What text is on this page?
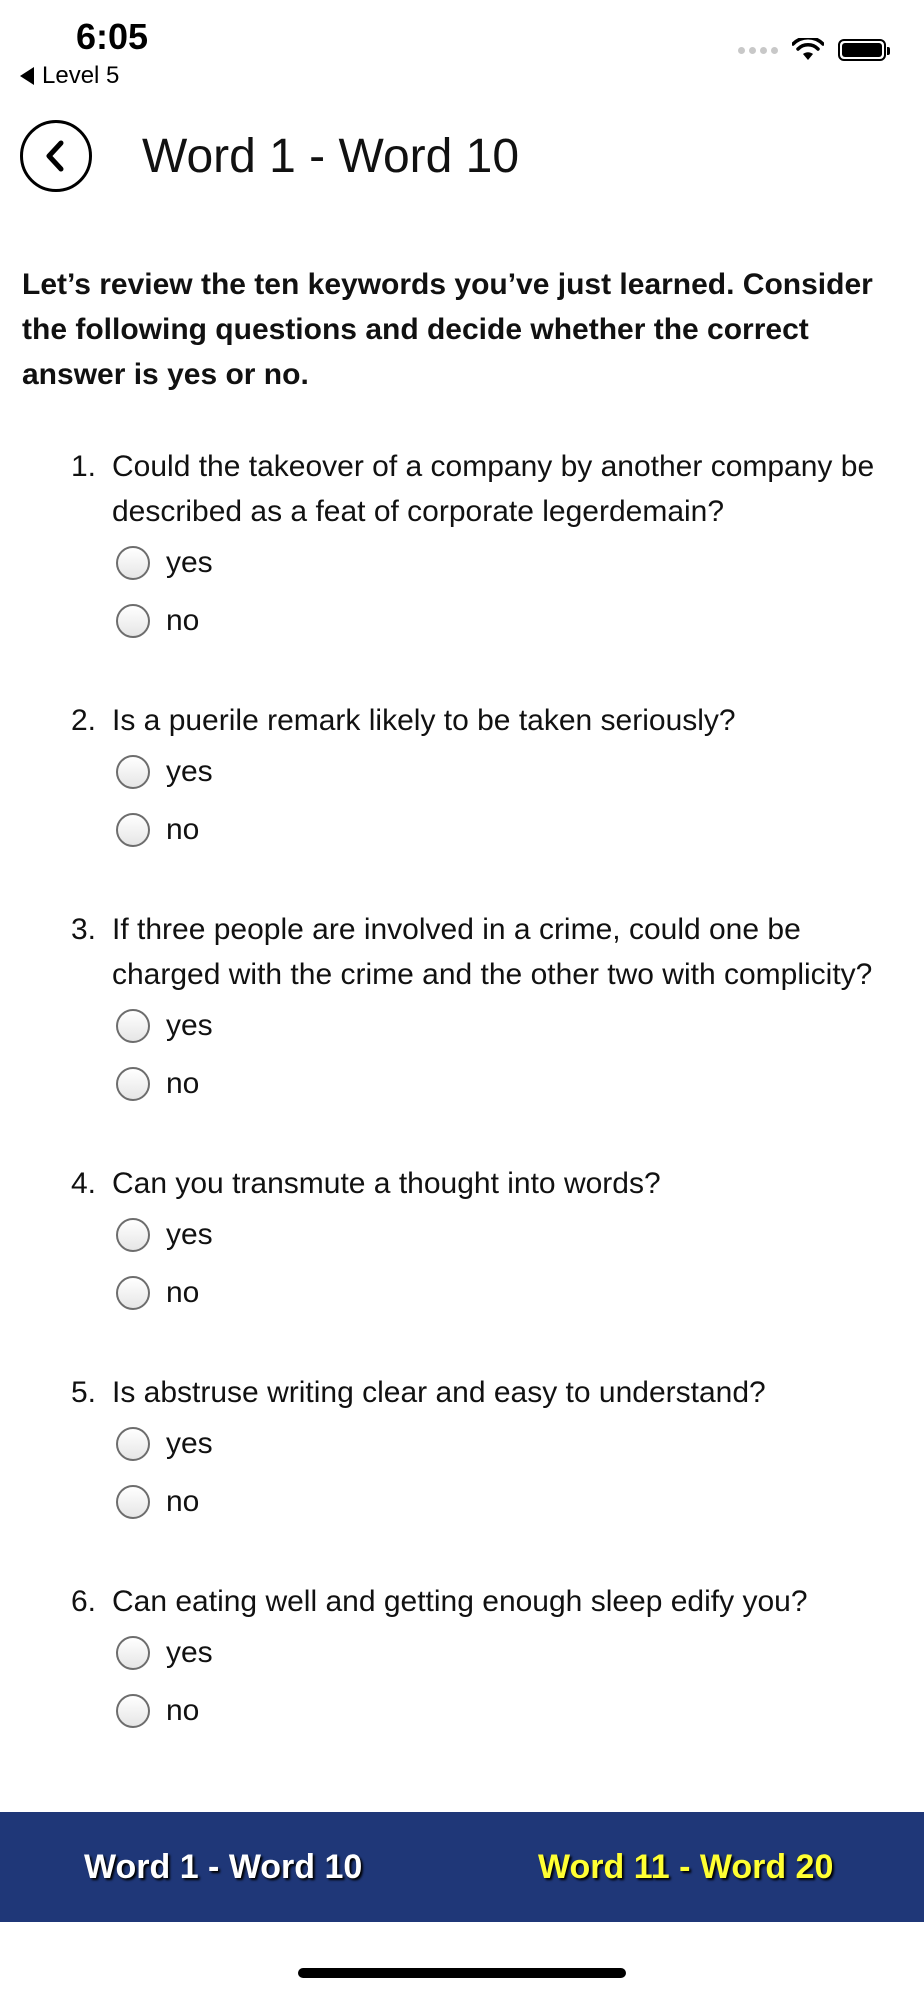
6:05
Level 5
Word 1 - Word 10
Let’s review the ten keywords you’ve just learned. Consider the following questions and decide whether the correct answer is yes or no.
1. Could the takeover of a company by another company be described as a feat of corporate legerdemain?
yes
no
2. Is a puerile remark likely to be taken seriously?
yes
no
3. If three people are involved in a crime, could one be charged with the crime and the other two with complicity?
yes
no
4. Can you transmute a thought into words?
yes
no
5. Is abstruse writing clear and easy to understand?
yes
no
6. Can eating well and getting enough sleep edify you?
yes
no
Word 1 - Word 10	Word 11 - Word 20
